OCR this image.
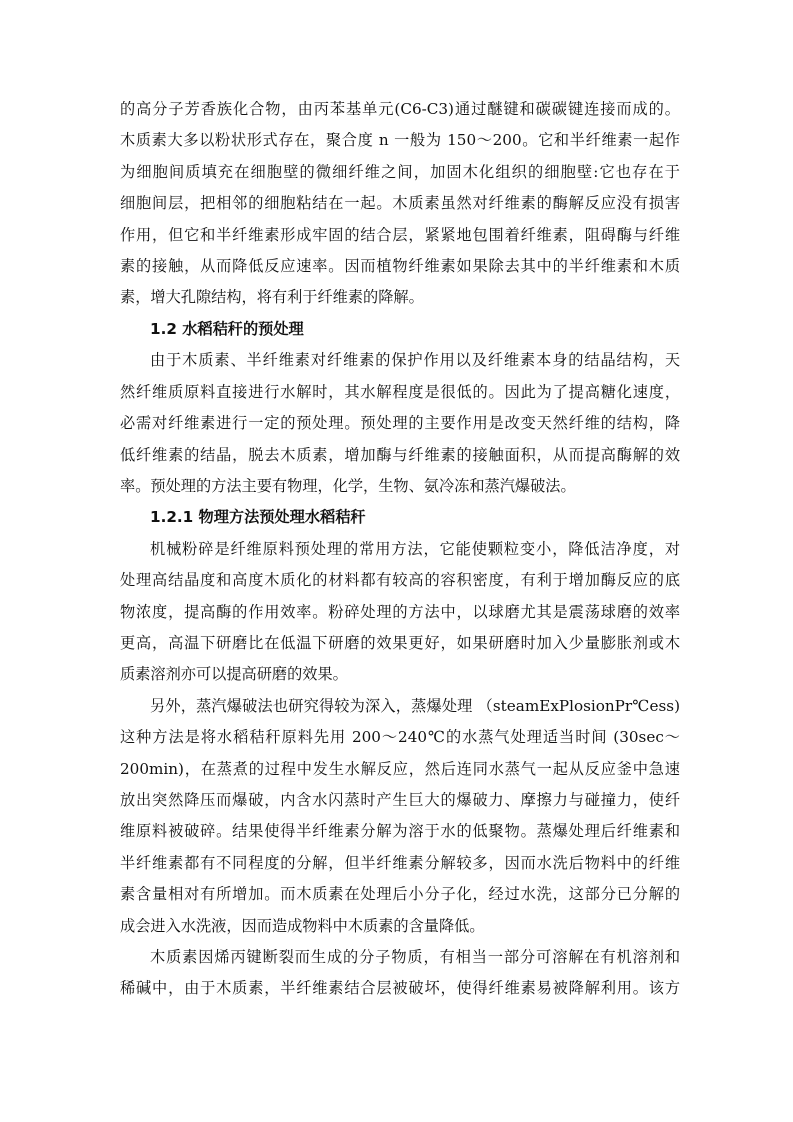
的高分子芳香族化合物，由丙苯基单元(C6-C3)通过醚键和碳碳键连接而成的。
木质素大多以粉状形式存在，聚合度 n 一般为 150～200。它和半纤维素一起作
为细胞间质填充在细胞壁的微细纤维之间，加固木化组织的细胞壁:它也存在于
细胞间层，把相邻的细胞粘结在一起。木质素虽然对纤维素的酶解反应没有损害
作用，但它和半纤维素形成牢固的结合层，紧紧地包围着纤维素，阻碍酶与纤维
素的接触，从而降低反应速率。因而植物纤维素如果除去其中的半纤维素和木质
素，增大孔隙结构，将有利于纤维素的降解。
1.2 水稻秸秆的预处理
由于木质素、半纤维素对纤维素的保护作用以及纤维素本身的结晶结构，天
然纤维质原料直接进行水解时，其水解程度是很低的。因此为了提高糖化速度，
必需对纤维素进行一定的预处理。预处理的主要作用是改变天然纤维的结构，降
低纤维素的结晶，脱去木质素，增加酶与纤维素的接触面积，从而提高酶解的效
率。预处理的方法主要有物理，化学，生物、氨冷冻和蒸汽爆破法。
1.2.1 物理方法预处理水稻秸秆
机械粉碎是纤维原料预处理的常用方法，它能使颗粒变小，降低洁净度，对
处理高结晶度和高度木质化的材料都有较高的容积密度，有利于增加酶反应的底
物浓度，提高酶的作用效率。粉碎处理的方法中，以球磨尤其是震荡球磨的效率
更高，高温下研磨比在低温下研磨的效果更好，如果研磨时加入少量膨胀剂或木
质素溶剂亦可以提高研磨的效果。
另外，蒸汽爆破法也研究得较为深入，蒸爆处理 （steamExPlosionPr℃ess)
这种方法是将水稻秸秆原料先用 200～240℃的水蒸气处理适当时间 (30sec～
200min)，在蒸煮的过程中发生水解反应，然后连同水蒸气一起从反应釜中急速
放出突然降压而爆破，内含水闪蒸时产生巨大的爆破力、摩擦力与碰撞力，使纤
维原料被破碎。结果使得半纤维素分解为溶于水的低聚物。蒸爆处理后纤维素和
半纤维素都有不同程度的分解，但半纤维素分解较多，因而水洗后物料中的纤维
素含量相对有所增加。而木质素在处理后小分子化，经过水洗，这部分已分解的
成会进入水洗液，因而造成物料中木质素的含量降低。
木质素因烯丙键断裂而生成的分子物质，有相当一部分可溶解在有机溶剂和
稀碱中，由于木质素，半纤维素结合层被破坏，使得纤维素易被降解利用。该方
